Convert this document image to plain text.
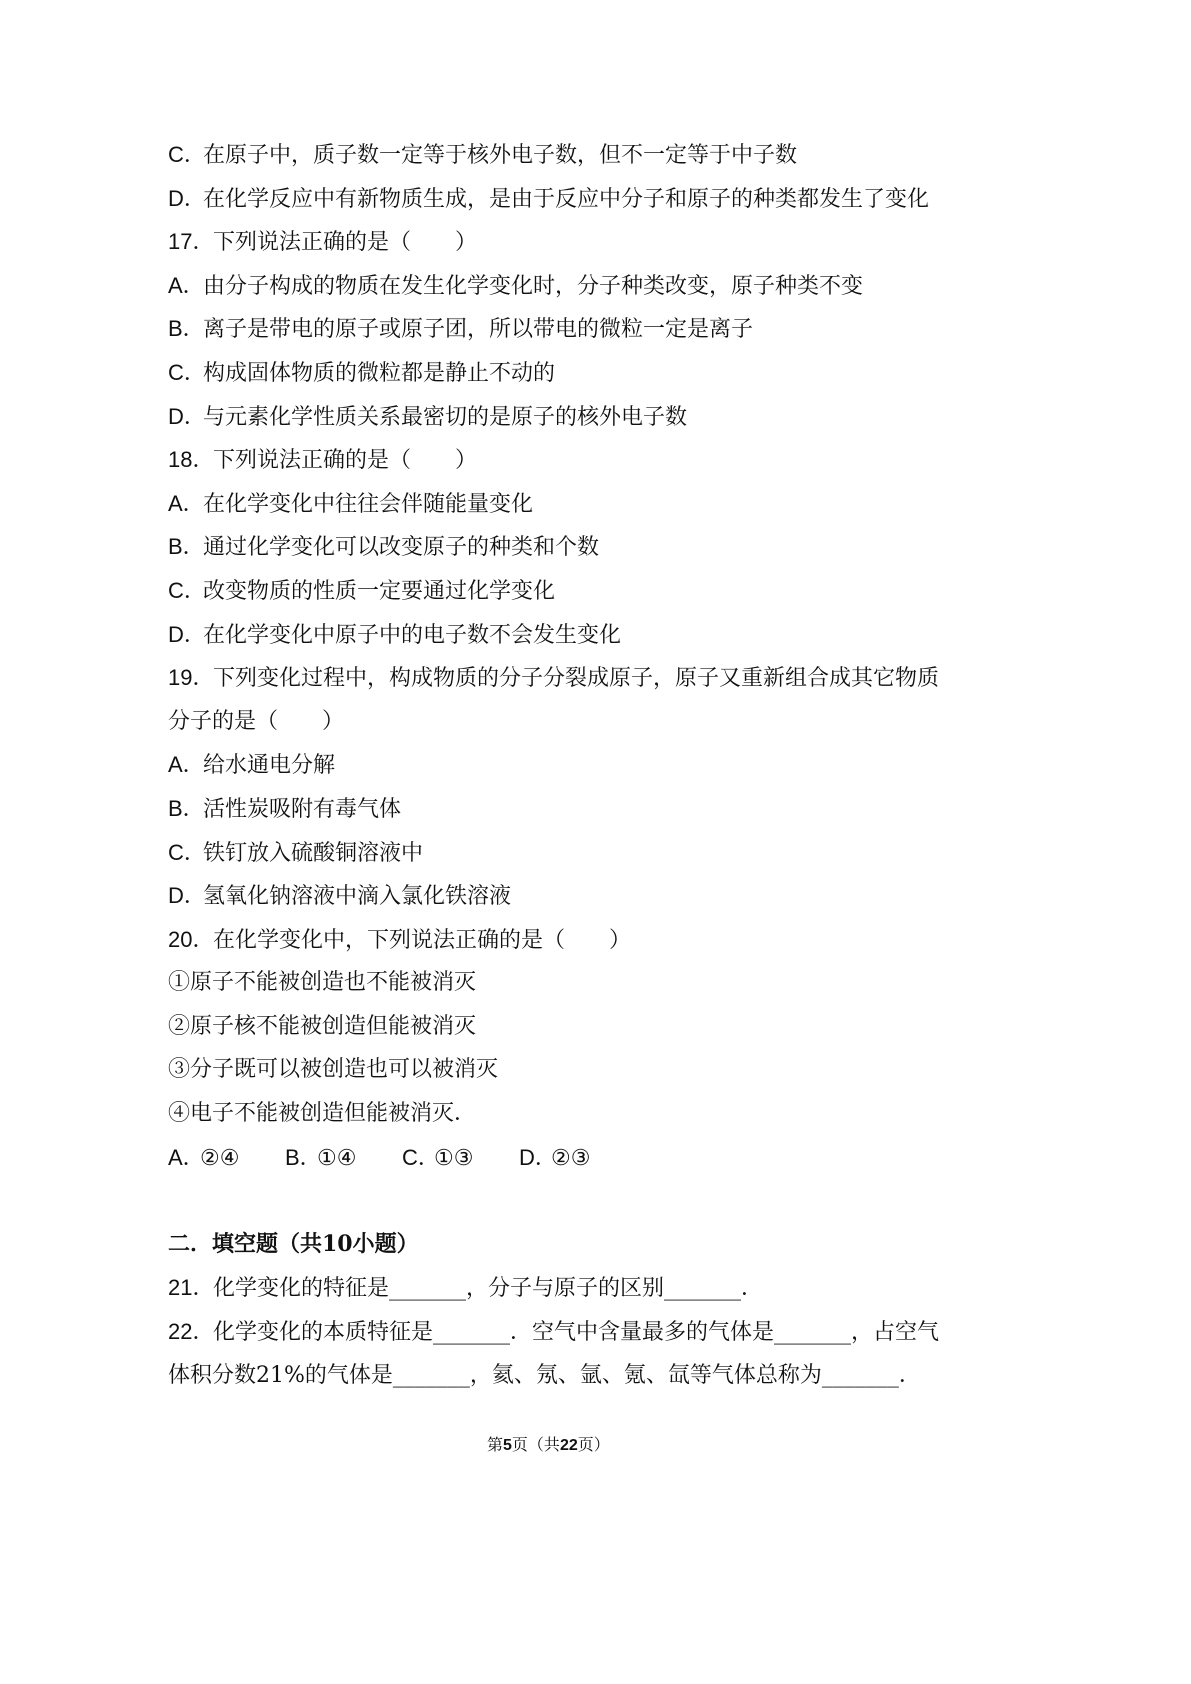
C．在原子中，质子数一定等于核外电子数，但不一定等于中子数
D．在化学反应中有新物质生成，是由于反应中分子和原子的种类都发生了变化
17．下列说法正确的是（　　）
A．由分子构成的物质在发生化学变化时，分子种类改变，原子种类不变
B．离子是带电的原子或原子团，所以带电的微粒一定是离子
C．构成固体物质的微粒都是静止不动的
D．与元素化学性质关系最密切的是原子的核外电子数
18．下列说法正确的是（　　）
A．在化学变化中往往会伴随能量变化
B．通过化学变化可以改变原子的种类和个数
C．改变物质的性质一定要通过化学变化
D．在化学变化中原子中的电子数不会发生变化
19．下列变化过程中，构成物质的分子分裂成原子，原子又重新组合成其它物质
分子的是（　　）
A．给水通电分解
B．活性炭吸附有毒气体
C．铁钉放入硫酸铜溶液中
D．氢氧化钠溶液中滴入氯化铁溶液
20．在化学变化中，下列说法正确的是（　　）
①原子不能被创造也不能被消灭
②原子核不能被创造但能被消灭
③分子既可以被创造也可以被消灭
④电子不能被创造但能被消灭．
A．②④ B．①④ C．①③ D．②③
二．填空题（共10小题）
21．化学变化的特征是_______，分子与原子的区别_______．
22．化学变化的本质特征是_______．空气中含量最多的气体是_______，占空气
体积分数21%的气体是_______，氦、氖、氩、氪、氙等气体总称为_______．
第5页（共22页）
